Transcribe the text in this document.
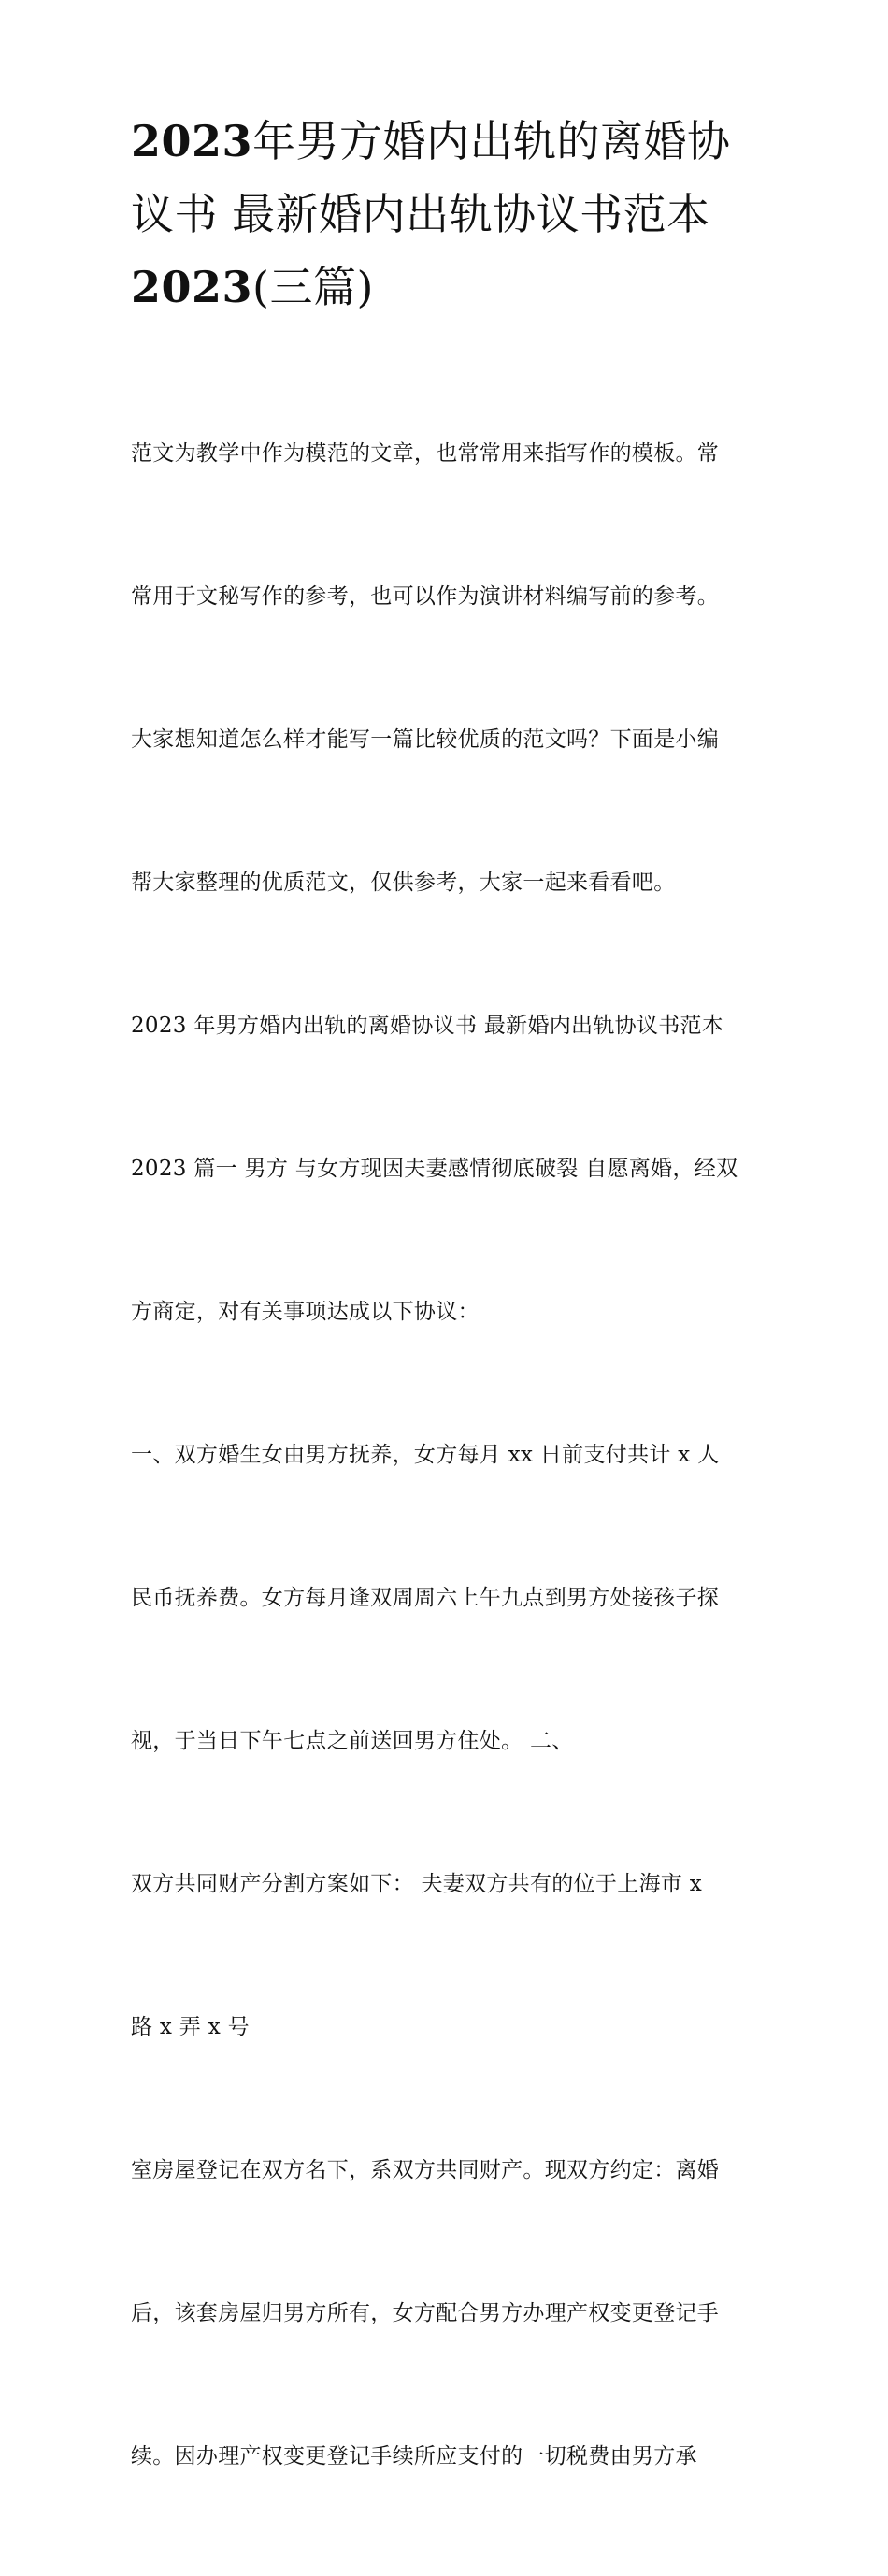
2023年男方婚内出轨的离婚协
议书 最新婚内出轨协议书范本
2023(三篇)

范文为教学中作为模范的文章，也常常用来指写作的模板。常

常用于文秘写作的参考，也可以作为演讲材料编写前的参考。

大家想知道怎么样才能写一篇比较优质的范文吗？下面是小编

帮大家整理的优质范文，仅供参考，大家一起来看看吧。

2023 年男方婚内出轨的离婚协议书 最新婚内出轨协议书范本

2023 篇一 男方 与女方现因夫妻感情彻底破裂 自愿离婚，经双

方商定，对有关事项达成以下协议：

一、双方婚生女由男方抚养，女方每月 xx 日前支付共计 x 人

民币抚养费。女方每月逢双周周六上午九点到男方处接孩子探

视，于当日下午七点之前送回男方住处。 二、

双方共同财产分割方案如下： 夫妻双方共有的位于上海市 x

路 x 弄 x 号

室房屋登记在双方名下，系双方共同财产。现双方约定：离婚

后，该套房屋归男方所有，女方配合男方办理产权变更登记手

续。因办理产权变更登记手续所应支付的一切税费由男方承
